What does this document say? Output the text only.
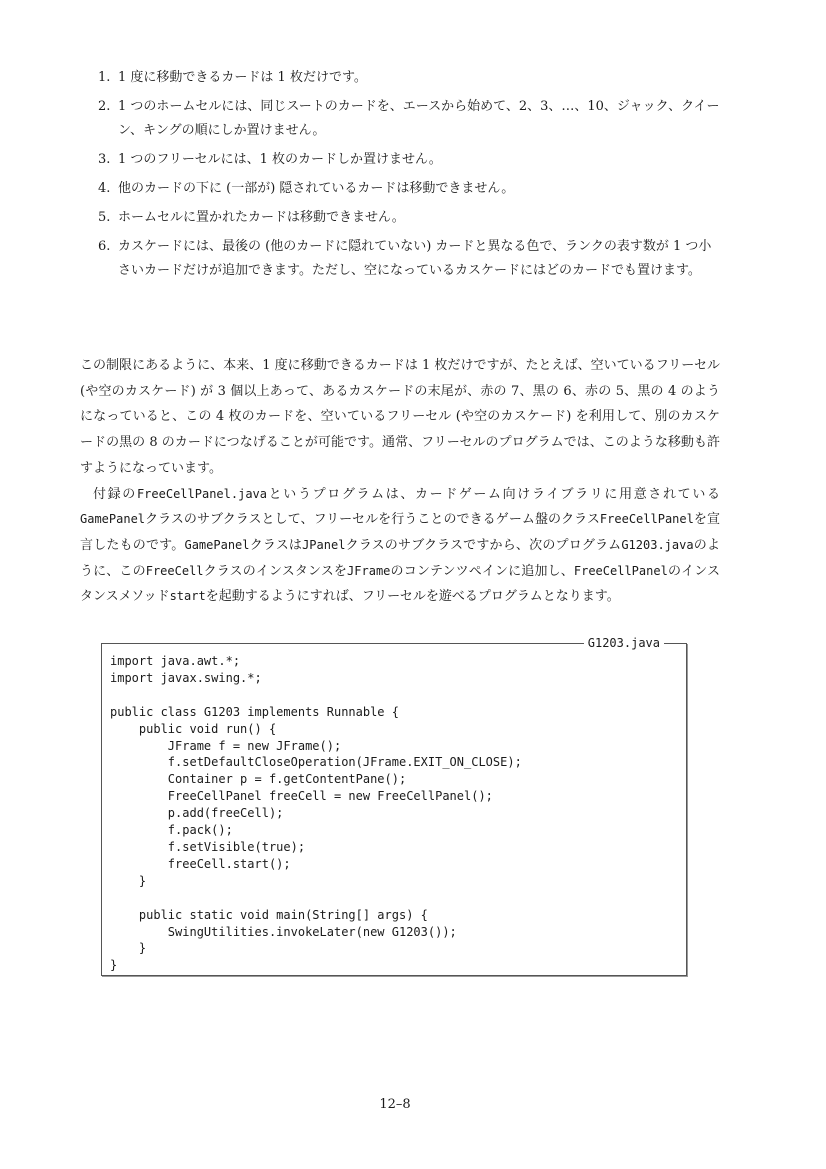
1. 1 度に移動できるカードは 1 枚だけです。
2. 1 つのホームセルには、同じスートのカードを、エースから始めて、2、3、…、10、ジャック、クイーン、キングの順にしか置けません。
3. 1 つのフリーセルには、1 枚のカードしか置けません。
4. 他のカードの下に (一部が) 隠されているカードは移動できません。
5. ホームセルに置かれたカードは移動できません。
6. カスケードには、最後の (他のカードに隠れていない) カードと異なる色で、ランクの表す数が 1 つ小さいカードだけが追加できます。ただし、空になっているカスケードにはどのカードでも置けます。

この制限にあるように、本来、1 度に移動できるカードは 1 枚だけですが、たとえば、空いているフリーセル (や空のカスケード) が 3 個以上あって、あるカスケードの末尾が、赤の 7、黒の 6、赤の 5、黒の 4 のようになっていると、この 4 枚のカードを、空いているフリーセル (や空のカスケード) を利用して、別のカスケードの黒の 8 のカードにつなげることが可能です。通常、フリーセルのプログラムでは、このような移動も許すようになっています。

付録のFreeCellPanel.javaというプログラムは、カードゲーム向けライブラリに用意されているGamePanelクラスのサブクラスとして、フリーセルを行うことのできるゲーム盤のクラスFreeCellPanelを宣言したものです。GamePanelクラスはJPanelクラスのサブクラスですから、次のプログラムG1203.javaのように、このFreeCellクラスのインスタンスをJFrameのコンテンツペインに追加し、FreeCellPanelのインスタンスメソッドstartを起動するようにすれば、フリーセルを遊べるプログラムとなります。

G1203.java
import java.awt.*;
import javax.swing.*;

public class G1203 implements Runnable {
public void run() {
JFrame f = new JFrame();
f.setDefaultCloseOperation(JFrame.EXIT_ON_CLOSE);
Container p = f.getContentPane();
FreeCellPanel freeCell = new FreeCellPanel();
p.add(freeCell);
f.pack();
f.setVisible(true);
freeCell.start();
}

public static void main(String[] args) {
SwingUtilities.invokeLater(new G1203());
}
}
12–8
